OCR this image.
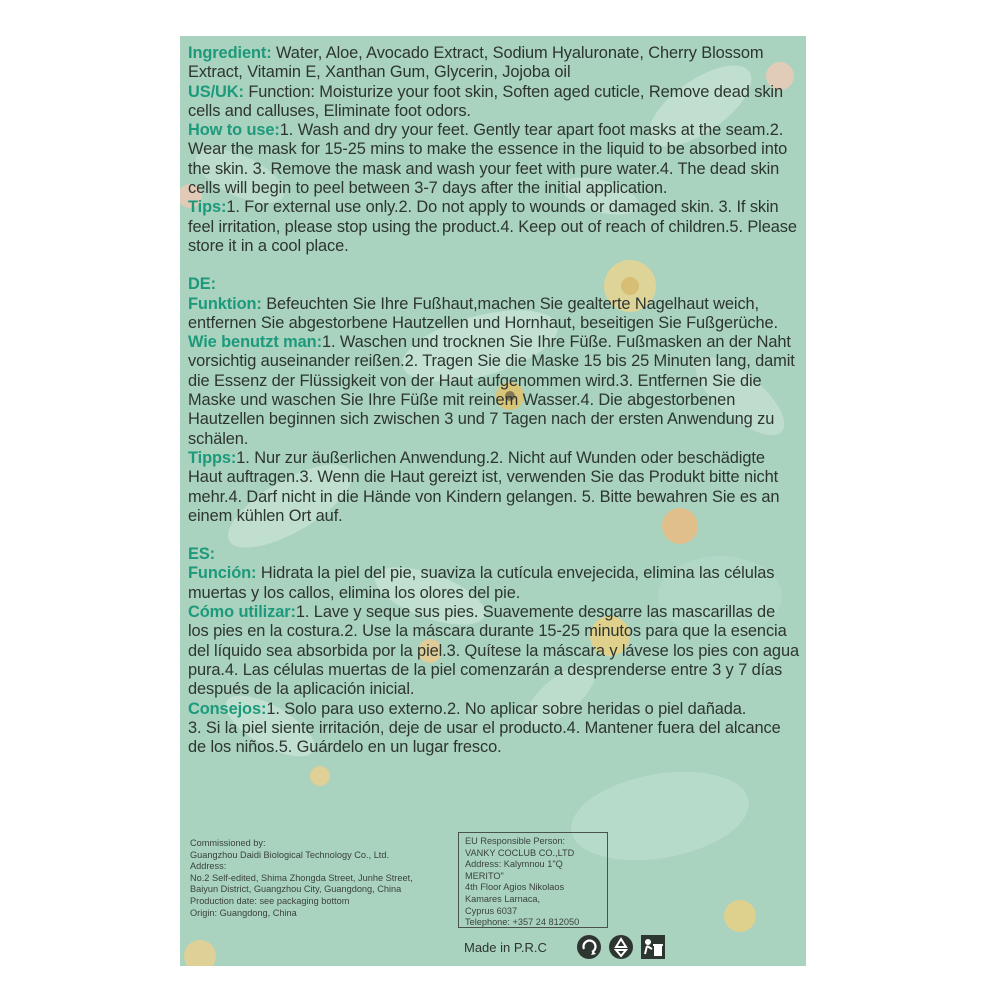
Ingredient: Water, Aloe, Avocado Extract, Sodium Hyaluronate, Cherry Blossom Extract, Vitamin E, Xanthan Gum, Glycerin, Jojoba oil

US/UK: Function: Moisturize your foot skin, Soften aged cuticle, Remove dead skin cells and calluses, Eliminate foot odors.

How to use:1. Wash and dry your feet. Gently tear apart foot masks at the seam.2. Wear the mask for 15-25 mins to make the essence in the liquid to be absorbed into the skin. 3. Remove the mask and wash your feet with pure water.4. The dead skin cells will begin to peel between 3-7 days after the initial application.

Tips:1. For external use only.2. Do not apply to wounds or damaged skin. 3. If skin feel irritation, please stop using the product.4. Keep out of reach of children.5. Please store it in a cool place.

DE:

Funktion: Befeuchten Sie Ihre Fußhaut,machen Sie gealterte Nagelhaut weich, entfernen Sie abgestorbene Hautzellen und Hornhaut, beseitigen Sie Fußgerüche.

Wie benutzt man:1. Waschen und trocknen Sie Ihre Füße. Fußmasken an der Naht vorsichtig auseinander reißen.2. Tragen Sie die Maske 15 bis 25 Minuten lang, damit die Essenz der Flüssigkeit von der Haut aufgenommen wird.3. Entfernen Sie die Maske und waschen Sie Ihre Füße mit reinem Wasser.4. Die abgestorbenen Hautzellen beginnen sich zwischen 3 und 7 Tagen nach der ersten Anwendung zu schälen.

Tipps:1. Nur zur äußerlichen Anwendung.2. Nicht auf Wunden oder beschädigte Haut auftragen.3. Wenn die Haut gereizt ist, verwenden Sie das Produkt bitte nicht mehr.4. Darf nicht in die Hände von Kindern gelangen. 5. Bitte bewahren Sie es an einem kühlen Ort auf.

ES:

Función: Hidrata la piel del pie, suaviza la cutícula envejecida, elimina las células muertas y los callos, elimina los olores del pie.

Cómo utilizar:1. Lave y seque sus pies. Suavemente desgarre las mascarillas de los pies en la costura.2. Use la máscara durante 15-25 minutos para que la esencia del líquido sea absorbida por la piel.3. Quítese la máscara y lávese los pies con agua pura.4. Las células muertas de la piel comenzarán a desprenderse entre 3 y 7 días después de la aplicación inicial.

Consejos:1. Solo para uso externo.2. No aplicar sobre heridas o piel dañada.

3. Si la piel siente irritación, deje de usar el producto.4. Mantener fuera del alcance de los niños.5. Guárdelo en un lugar fresco.

Commissioned by:
Guangzhou Daidi Biological Technology Co., Ltd.
Address:
No.2 Self-edited, Shima Zhongda Street, Junhe Street,
Baiyun District, Guangzhou City, Guangdong, China
Production date: see packaging bottom
Origin: Guangdong, China
EU Responsible Person:
VANKY COCLUB CO.,LTD
Address: Kalymnou 1"Q MERITO"
4th Floor Agios Nikolaos
Kamares Larnaca,
Cyprus 6037
Telephone: +357 24 812050
Made in P.R.C
